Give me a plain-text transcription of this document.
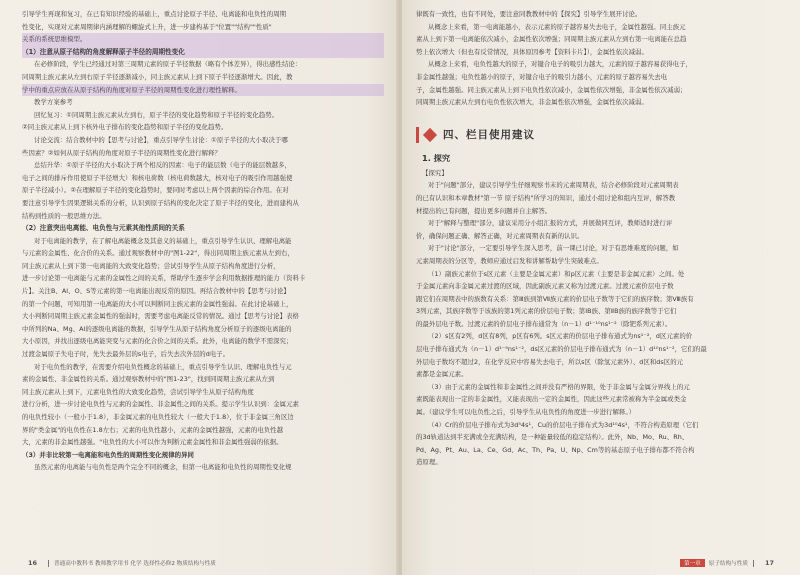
引导学生再现和复习，在已有知识经验的基础上，重点讨论原子半径、电离能和电负性的周期
性变化，实现对元素周期律内涵理解的螺旋式上升，进一步建构基于"位置""结构""性质"
关系的系统思维模型。
（1）注意从原子结构的角度解释原子半径的周期性变化
在必修阶段，学生已经通过对第三周期元素的原子半径数据（略有个体差异），得出感性结论：
同周期主族元素从左到右原子半径逐渐减小，同主族元素从上到下原子半径逐渐增大。因此，教
学中的重点应放在从原子结构的角度对原子半径的周期性变化进行理性解释。
教学方案参考
回忆复习：①同周期主族元素从左到右，原子半径的变化趋势和原子半径的变化趋势。
②同主族元素从上到下核外电子排布的变化趋势和原子半径的变化趋势。
讨论交流：结合教材中的【思考与讨论】，重点引导学生讨论：①原子半径的大小取决于哪
些因素？②如何从原子结构的角度对原子半径的周期性变化进行解释？
总结升华：①原子半径的大小取决于两个相反的因素：电子的能层数（电子的能层数越多，
电子之间的排斥作用使原子半径增大）和核电荷数（核电荷数越大，核对电子的吸引作用越强使
原子半径减小）。②在理解原子半径的变化趋势时，要同时考虑以上两个因素的综合作用。在对
要注意引导学生因果逻辑关系的分析，认识到原子结构的变化决定了原子半径的变化，进而建构从
结构到性质的一般思维方法。
（2）注意突出电离能、电负性与元素其他性质间的关系
对于电离能的教学，在了解电离能概念及其意义的基础上，重点引导学生认识、理解电离能
与元素的金属性、化合价的关系。通过观察教材中的"图1-22"，得出同周期主族元素从左到右，
同主族元素从上到下第一电离能的大致变化趋势；尝试引导学生从原子结构角度进行分析，
进一步讨论第一电离能与元素的金属性之间的关系，帮助学生逐步学会利用数据推理的能力（资料卡
片】。关注B、Al、O、S等元素的第一电离能出现反常的原因。再结合教材中的【思考与讨论】
的第一个问题，可知用第一电离能的大小可以判断同主族元素的金属性强弱。在此讨论基础上，
大小判断同周期主族元素金属性的强弱时，需要考虑电离能反常的情况。通过【思考与讨论】表格
中所列的Na、Mg、Al的逐级电离能的数据，引导学生从原子结构角度分析原子的逐级电离能的
大小原因，并找出逐级电离能突变与元素的化合价之间的关系。此外，电离能的数学不需深究；
过渡金属原子失电子时，先失去最外层的s电子，后失去次外层的d电子。
对于电负性的教学，在需要介绍电负性概念的基础上，重点引导学生认识、理解电负性与元
素的金属性、非金属性的关系。通过观察教材中的"图1-23"，找到同周期主族元素从左到
同主族元素从上到下，元素电负性的大致变化趋势，尝试引导学生从原子结构角度
进行分析，进一步讨论电负性与元素的金属性、非金属性之间的关系。提示学生认识到：金属元素
的电负性较小（一般小于1.8），非金属元素的电负性较大（一般大于1.8），位于非金属三角区边
界的"类金属"的电负性在1.8左右；元素的电负性越小，元素的金属性越强，元素的电负性越
大，元素的非金属性越强。"电负性的大小可以作为判断元素金属性和非金属性强弱的依据。
（3）并非比较第一电离能和电负性的周期性变化规律的异同
虽然元素的电离能与电负性是两个完全不同的概念，但第一电离能和电负性的周期性变化规
16	普通高中教科书
教师教学用书
化学
选择性必修2
物质结构与性质
律既有一致性，也有不同处，要注意同教教材中的【探究】引导学生展开讨论。
从概念上来看，第一电离能越小，表示元素的原子越容易失去电子，金属性越强。同主族元
素从上到下第一电离能依次减小，金属性依次增强；同周期主族元素从左到右第一电离能在总趋
势上依次增大（但也有反常情况，具体原因参考【资料卡片】），金属性依次减弱。
从概念上来看，电负性越大的原子，对键合电子的吸引力越大，元素的原子越容易获得电子，
非金属性越强；电负性越小的原子，对键合电子的吸引力越小，元素的原子越容易失去电
子，金属性越强。同主族元素从上到下电负性依次减小，金属性依次增强，非金属性依次减弱；
同周期主族元素从左到右电负性依次增大，非金属性依次增强，金属性依次减弱。
四、栏目使用建议
1. 探究
【探究】
对于"问题"部分，建议引导学生仔细观察书末的元素周期表，结合必修阶段对元素周期表
的已有认识和本章教材"第一节 原子结构"所学习的知识，通过小组讨论和组内互评，解答教
材提出的已有问题，提出更多问题并自主解答。
对于"解释与整理"部分，建议采用分小组汇报的方式，并展做同互评，教师适时进行评
价，确保问题正确、解答正确，对元素周期表有新的认识。
对于"讨论"部分，一定要引导学生深入思考，前一课已讨论，对于有思维难度的问题，如
元素周期表的分区等，教师应通过启发和讲解帮助学生突破难点。
（1）副族元素位于s区元素（主要是金属元素）和p区元素（主要是非金属元素）之间。处
于金属元素向非金属元素过渡的区域，因此副族元素又称为过渡元素。过渡元素价层电子数
跟它们在周期表中的族数有关系：第Ⅲ族到第Ⅶ族元素的价层电子数等于它们的族序数；第Ⅷ族有
3列元素，其族序数等于该族的第1列元素的价层电子数；第ⅠB族、第ⅡB族的族序数等于它们
的最外层电子数。过渡元素的价层电子排布通常为（n－1）d¹⁻¹⁰ns¹⁻²（除钯系列元素）。
（2）s区有2列，d区有8列，p区有6列。s区元素的价层电子排布通式为ns¹⁻²，d区元素的价
层电子排布通式为（n－1）d¹⁻⁹ns¹⁻²，ds区元素的价层电子排布通式为（n－1）d¹⁰ns¹⁻²，它们的最
外层电子数均不超过2，在化学反应中容易失去电子，所以s区（除氢元素外）、d区和ds区的元
素都是金属元素。
（3）由于元素的金属性和非金属性之间并没有严格的界限，处于非金属与金属分界线上的元
素既能表现出一定的非金属性，又能表现出一定的金属性，因此这些元素常被称为半金属或类金
属。（建议学生可以电负性之后，引导学生从电负性的角度进一步进行解释。）
（4）Cr的价层电子排布式为3d⁵4s¹，Cu的价层电子排布式为3d¹⁰4s¹，不符合构造原理（它们
的3d轨道达到半充满或全充满结构，是一种能量较低的稳定结构）。此外，Nb、Mo、Ru、Rh、
Pd、Ag、Pt、Au、La、Ce、Gd、Ac、Th、Pa、U、Np、Cm等的基态原子电子排布都不符合构
造原理。
第一章	原子结构与性质	17
